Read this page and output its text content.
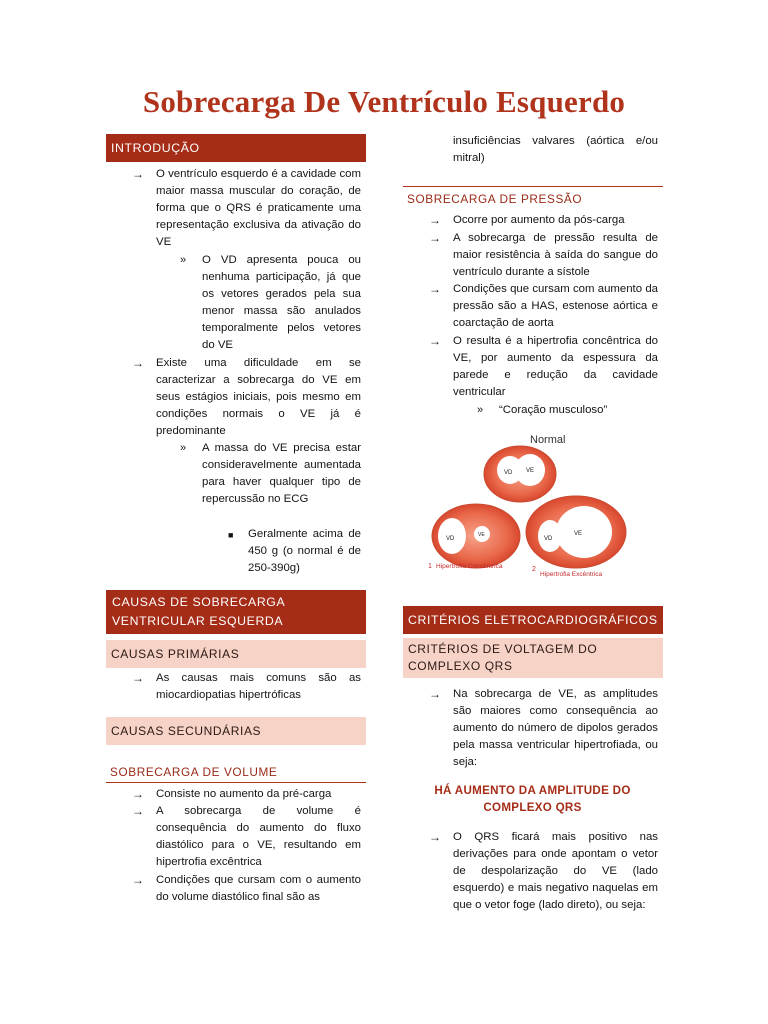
Sobrecarga De Ventrículo Esquerdo
INTRODUÇÃO
→ O ventrículo esquerdo é a cavidade com maior massa muscular do coração, de forma que o QRS é praticamente uma representação exclusiva da ativação do VE
» O VD apresenta pouca ou nenhuma participação, já que os vetores gerados pela sua menor massa são anulados temporalmente pelos vetores do VE
→ Existe uma dificuldade em se caracterizar a sobrecarga do VE em seus estágios iniciais, pois mesmo em condições normais o VE já é predominante
» A massa do VE precisa estar consideravelmente aumentada para haver qualquer tipo de repercussão no ECG
■ Geralmente acima de 450 g (o normal é de 250-390g)
CAUSAS DE SOBRECARGA VENTRICULAR ESQUERDA
CAUSAS PRIMÁRIAS
→ As causas mais comuns são as miocardiopatias hipertróficas
CAUSAS SECUNDÁRIAS
SOBRECARGA DE VOLUME
→ Consiste no aumento da pré-carga
→ A sobrecarga de volume é consequência do aumento do fluxo diastólico para o VE, resultando em hipertrofia excêntrica
→ Condições que cursam com o aumento do volume diastólico final são as
insuficiências valvares (aórtica e/ou mitral)
SOBRECARGA DE PRESSÃO
→ Ocorre por aumento da pós-carga
→ A sobrecarga de pressão resulta de maior resistência à saída do sangue do ventrículo durante a sístole
→ Condições que cursam com aumento da pressão são a HAS, estenose aórtica e coarctação de aorta
→ O resulta é a hipertrofia concêntrica do VE, por aumento da espessura da parede e redução da cavidade ventricular
» “Coração musculoso”
Normal
VD VE
VD
VE
VD
VE
1 Hipertrofia Concêntrica	2
Hipertrofia Excêntrica
CRITÉRIOS ELETROCARDIOGRÁFICOS
CRITÉRIOS DE VOLTAGEM DO COMPLEXO QRS
→ Na sobrecarga de VE, as amplitudes são maiores como consequência ao aumento do número de dipolos gerados pela massa ventricular hipertrofiada, ou seja:
HÁ AUMENTO DA AMPLITUDE DO COMPLEXO QRS
→ O QRS ficará mais positivo nas derivações para onde apontam o vetor de despolarização do VE (lado esquerdo) e mais negativo naquelas em que o vetor foge (lado direto), ou seja:
